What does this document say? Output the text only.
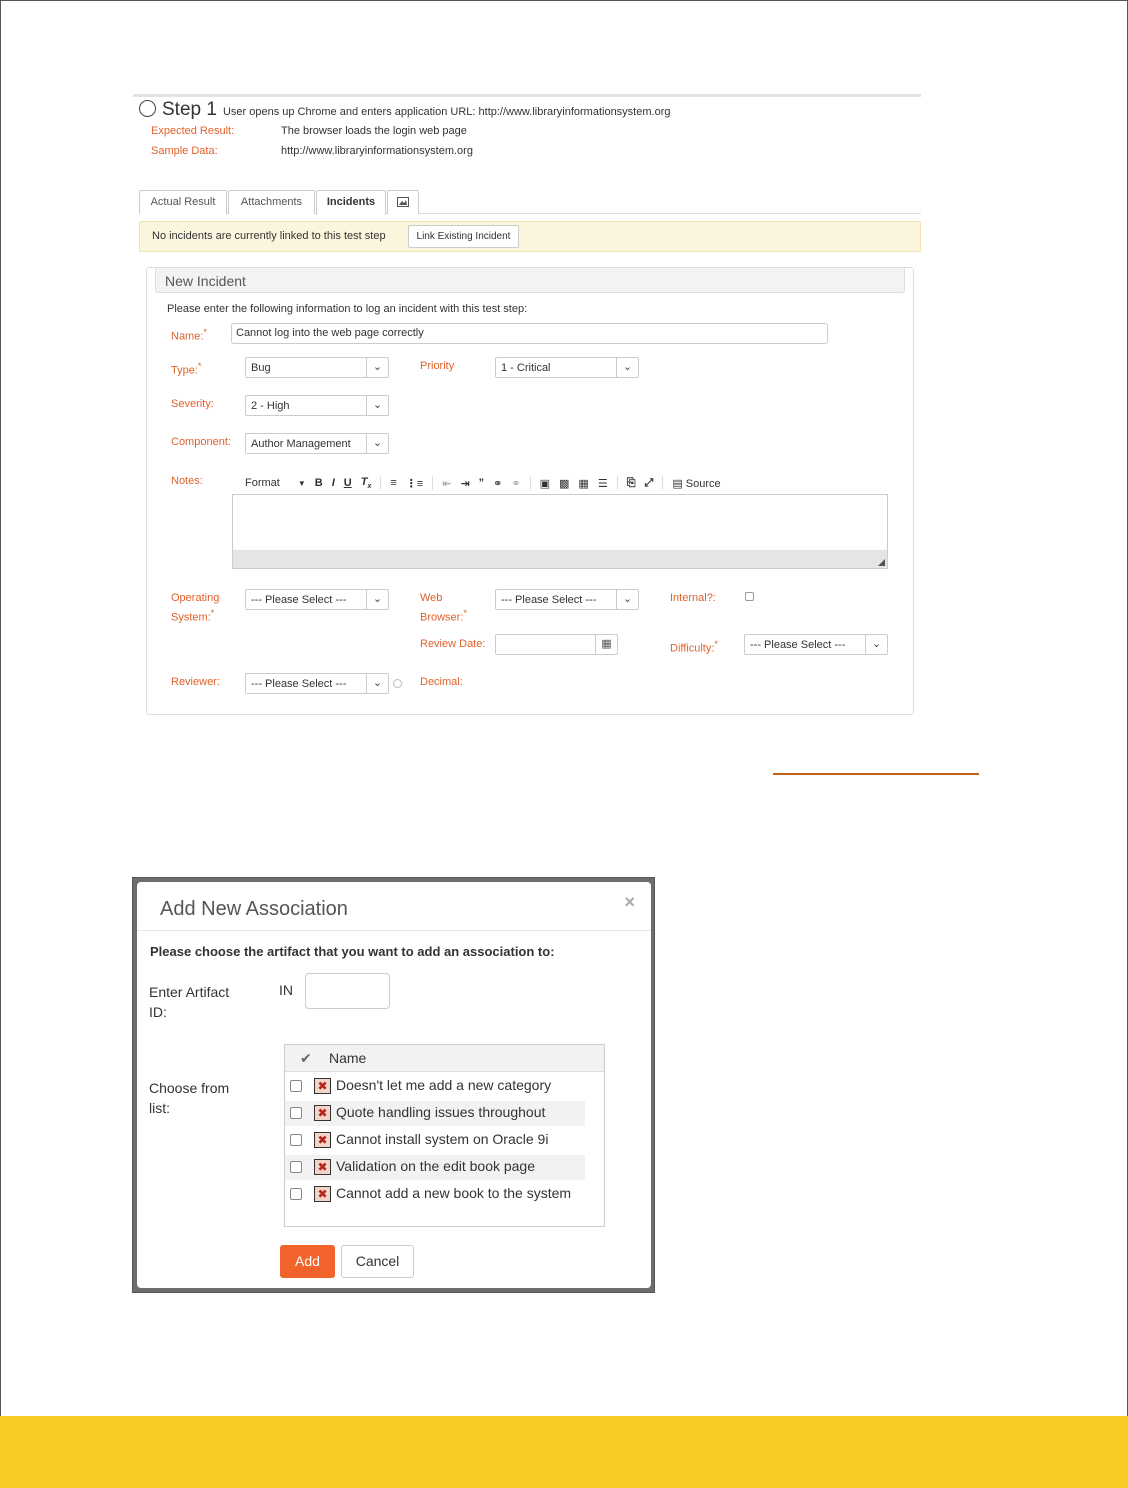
Step 1 User opens up Chrome and enters application URL: http://www.libraryinformationsystem.org
Expected Result:	The browser loads the login web page
Sample Data:	http://www.libraryinformationsystem.org
Actual Result	Attachments	Incidents
No incidents are currently linked to this test step	Link Existing Incident
New Incident
Please enter the following information to log an incident with this test step:
Name:*	Cannot log into the web page correctly
Type:*	Bug	⌄	Priority	1 - Critical	⌄
Severity:	2 - High	⌄
Component: Author Management	⌄
Notes:	Format ▼ B I U $T_x$ ≡ ⋮≡ ⇤ ⇥ ” ⚭ ⚭ ▣ ▩ ▦ ☰ ⎘ ⤢ ▤ Source
Operating
System:*
--- Please Select ---	⌄	Web
Browser:*
--- Please Select ---	⌄	Internal?:
Review Date:	▦	Difficulty:*	--- Please Select ---	⌄
Reviewer:	--- Please Select ---	⌄	Decimal:
Add New Association	×
Please choose the artifact that you want to add an association to:
Enter Artifact
ID:
IN
Choose from
list:
✔ Name
✖ Doesn't let me add a new category
✖ Quote handling issues throughout
✖ Cannot install system on Oracle 9i
✖ Validation on the edit book page
✖ Cannot add a new book to the system
Add	Cancel
